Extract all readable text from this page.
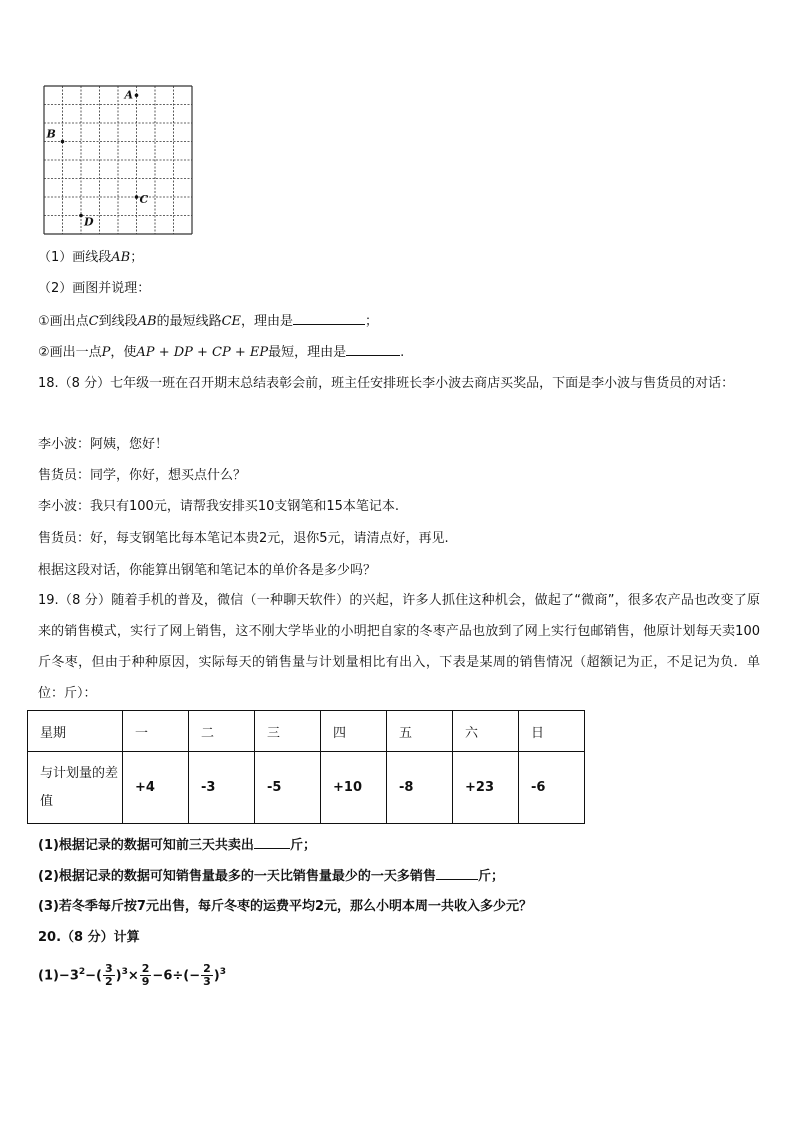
A
B
C
D
（1）画线段AB；
（2）画图并说理：
①画出点C到线段AB的最短线路CE，理由是	；
②画出一点P，使AP + DP + CP + EP最短，理由是	.
18.（8 分）七年级一班在召开期末总结表彰会前，班主任安排班长李小波去商店买奖品，下面是李小波与售货员的对话：
李小波：阿姨，您好！
售货员：同学，你好，想买点什么？
李小波：我只有100元，请帮我安排买10支钢笔和15本笔记本.
售货员：好，每支钢笔比每本笔记本贵2元，退你5元，请清点好，再见.
根据这段对话，你能算出钢笔和笔记本的单价各是多少吗？
19.（8 分）随着手机的普及，微信（一种聊天软件）的兴起，许多人抓住这种机会，做起了“微商”，很多农产品也改变了原来的销售模式，实行了网上销售，这不刚大学毕业的小明把自家的冬枣产品也放到了网上实行包邮销售，他原计划每天卖100斤冬枣，但由于种种原因，实际每天的销售量与计划量相比有出入，下表是某周的销售情况（超额记为正，不足记为负．单位：斤）：
星期	一	二	三	四	五	六	日
与计划量的差值	+4	-3	-5	+10	-8	+23	-6
(1)根据记录的数据可知前三天共卖出	斤；
(2)根据记录的数据可知销售量最多的一天比销售量最少的一天多销售	斤；
(3)若冬季每斤按7元出售，每斤冬枣的运费平均2元，那么小明本周一共收入多少元？
20.（8 分）计算
$(1)-3^2-( \frac{3}{2} )^3\times \frac{2}{9} -6\div(- \frac{2}{3} )^3$
